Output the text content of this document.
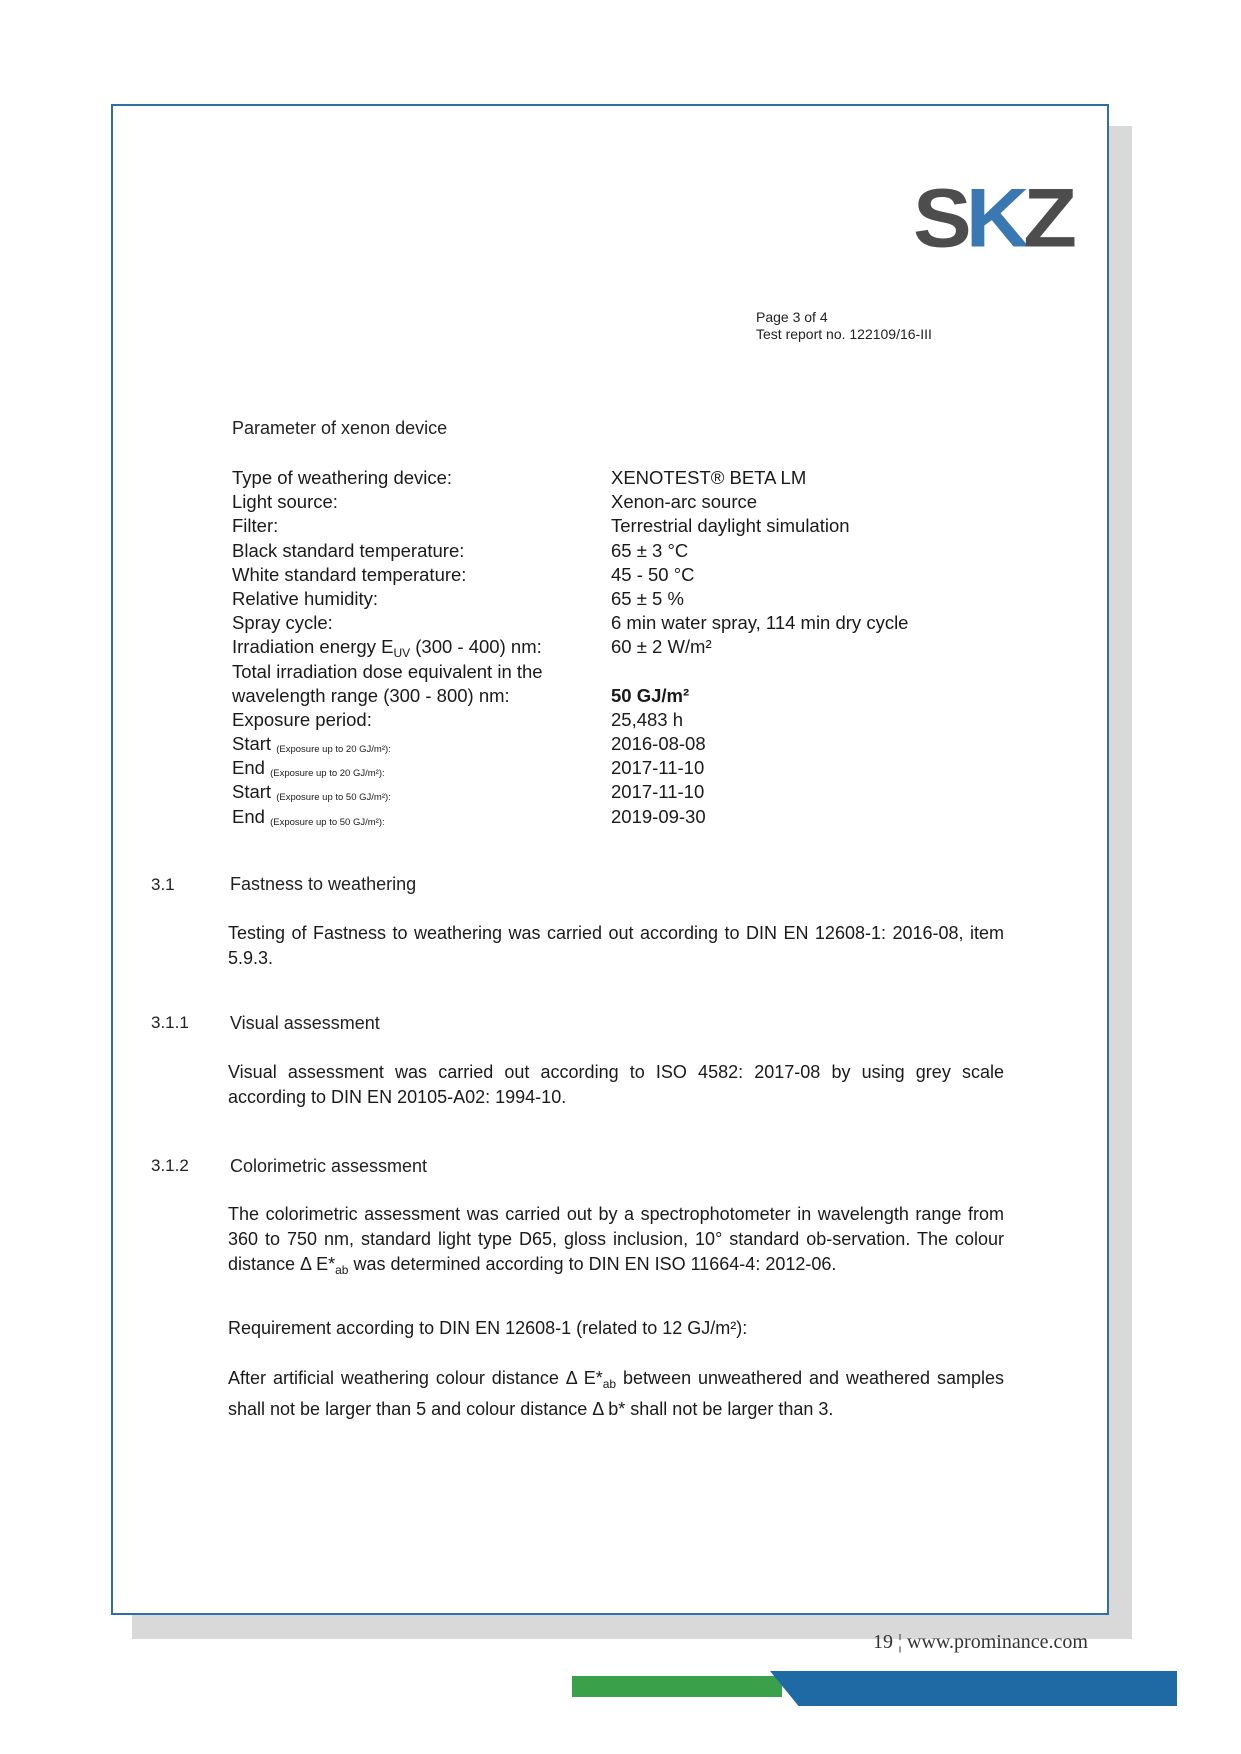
SKZ
Page 3 of 4
Test report no. 122109/16-III
Parameter of xenon device
Type of weathering device:	XENOTEST® BETA LM
Light source:	Xenon-arc source
Filter:	Terrestrial daylight simulation
Black standard temperature:	65 ± 3 °C
White standard temperature:	45 - 50 °C
Relative humidity:	65 ± 5 %
Spray cycle:	6 min water spray, 114 min dry cycle
Irradiation energy $E_{UV}$ (300 - 400) nm:	60 ± 2 W/m²
Total irradiation dose equivalent in the
wavelength range (300 - 800) nm:	50 GJ/m²
Exposure period:	25,483 h
Start (Exposure up to 20 GJ/m²):	2016-08-08
End (Exposure up to 20 GJ/m²):	2017-11-10
Start (Exposure up to 50 GJ/m²):	2017-11-10
End (Exposure up to 50 GJ/m²):	2019-09-30
3.1	Fastness to weathering
Testing of Fastness to weathering was carried out according to DIN EN 12608-1: 2016-08, item 5.9.3.
3.1.1 Visual assessment
Visual assessment was carried out according to ISO 4582: 2017-08 by using grey scale according to DIN EN 20105-A02: 1994-10.
3.1.2 Colorimetric assessment
The colorimetric assessment was carried out by a spectrophotometer in wavelength range from 360 to 750 nm, standard light type D65, gloss inclusion, 10° standard ob-servation. The colour distance Δ $E*_{ab}$ was determined according to DIN EN ISO 11664-4: 2012-06.
Requirement according to DIN EN 12608-1 (related to 12 GJ/m²):
After artificial weathering colour distance Δ $E*_{ab}$ between unweathered and weathered samples shall not be larger than 5 and colour distance Δ b* shall not be larger than 3.
19 ¦ www.prominance.com
